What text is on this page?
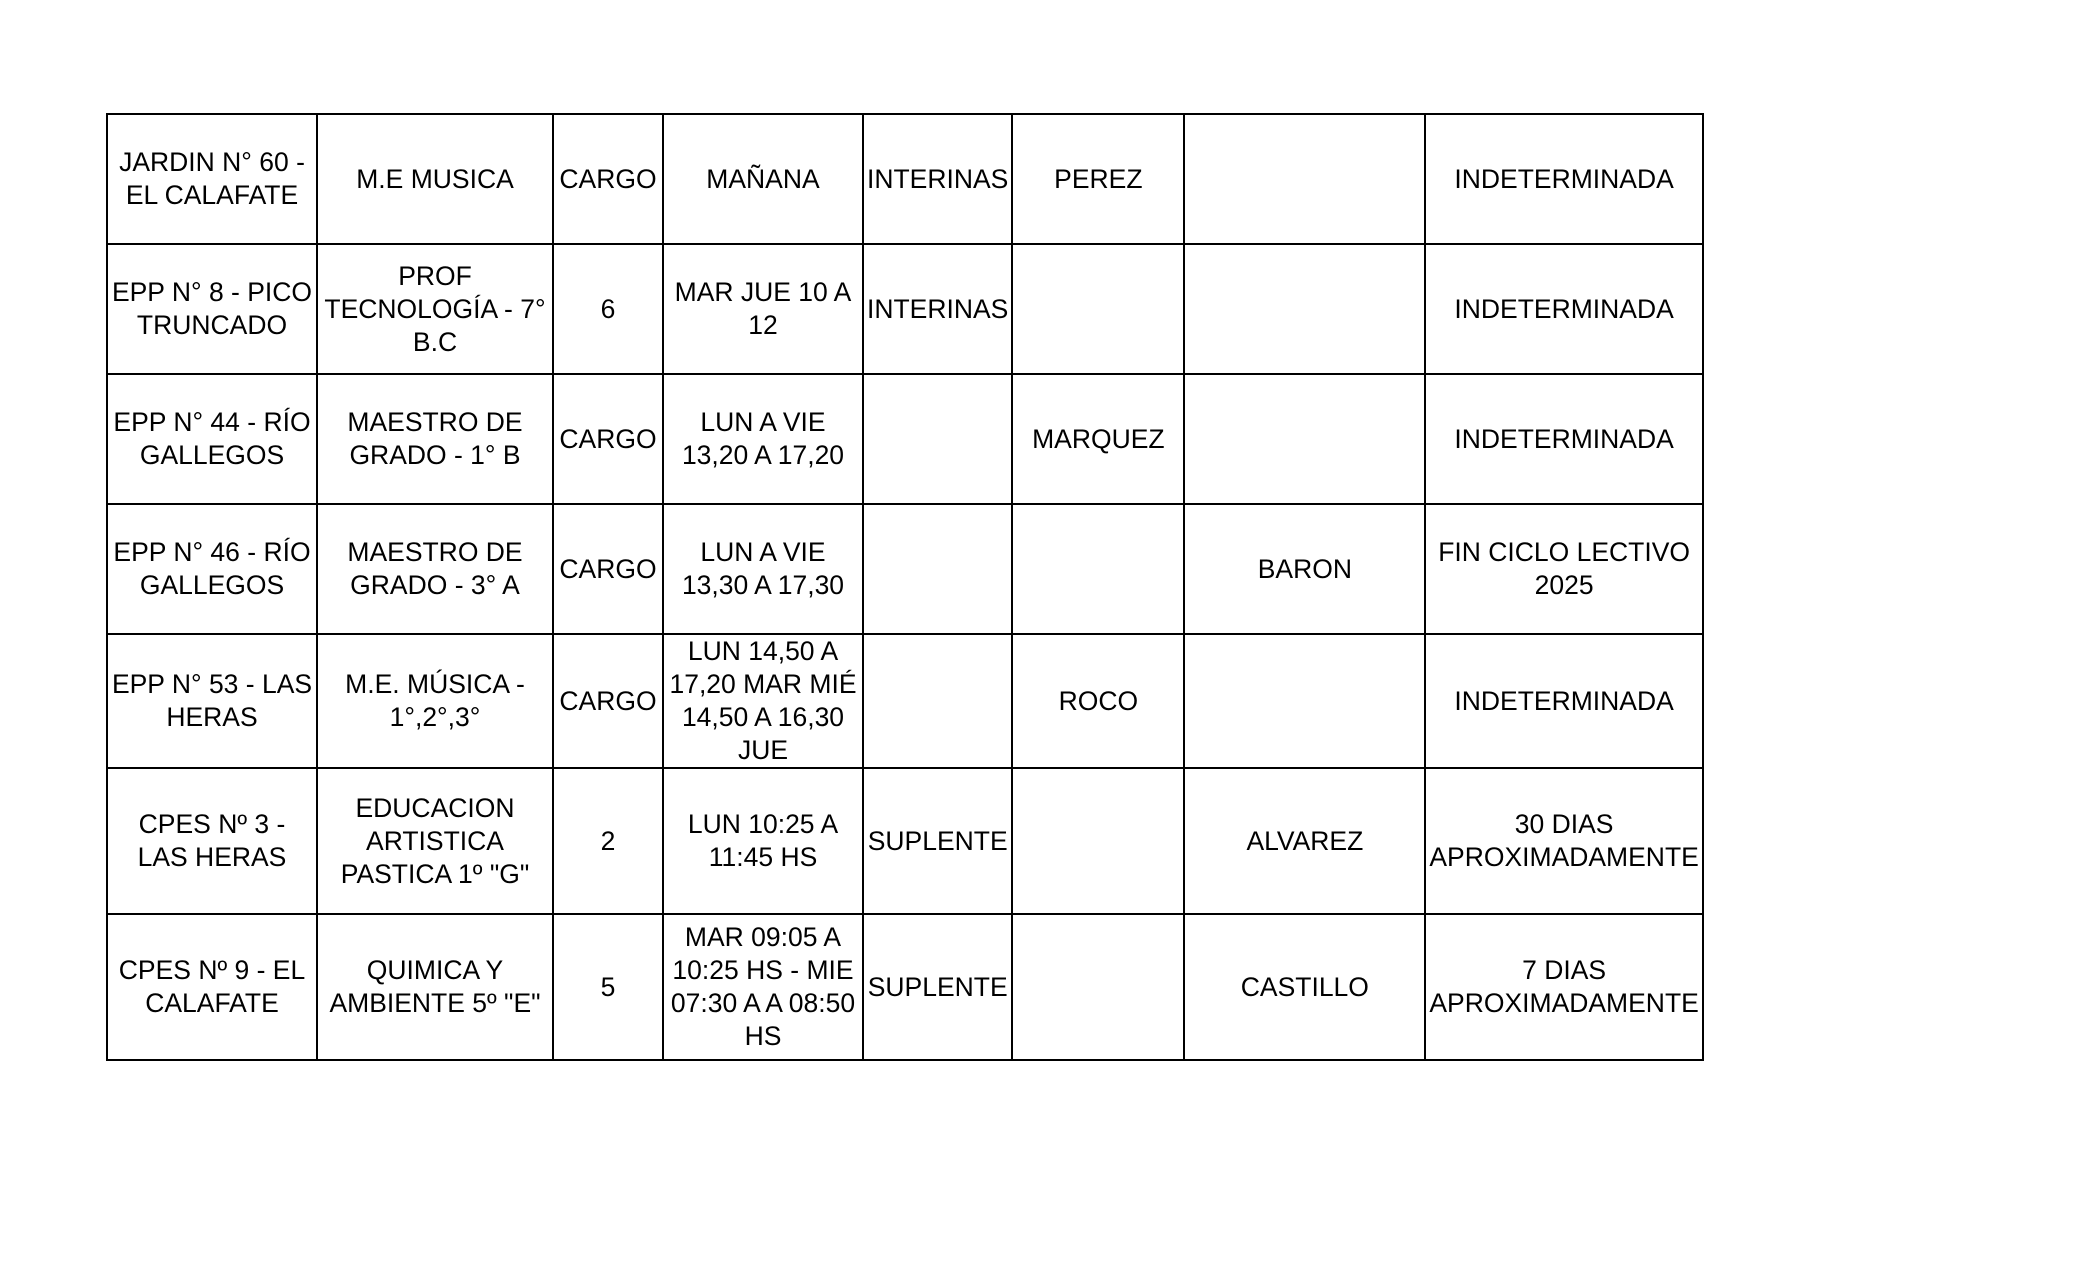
JARDIN N° 60 - EL CALAFATE	M.E MUSICA	CARGO	MAÑANA	INTERINAS	PEREZ		INDETERMINADA
EPP N° 8 - PICO TRUNCADO	PROF TECNOLOGÍA - 7° B.C	6	MAR JUE 10 A 12	INTERINAS			INDETERMINADA
EPP N° 44 - RÍO GALLEGOS	MAESTRO DE GRADO - 1° B	CARGO	LUN A VIE 13,20 A 17,20		MARQUEZ		INDETERMINADA
EPP N° 46 - RÍO GALLEGOS	MAESTRO DE GRADO - 3° A	CARGO	LUN A VIE 13,30 A 17,30			BARON	FIN CICLO LECTIVO 2025
EPP N° 53 - LAS HERAS	M.E. MÚSICA - 1°,2°,3°	CARGO	LUN 14,50 A 17,20 MAR MIÉ 14,50 A 16,30 JUE		ROCO		INDETERMINADA
CPES Nº 3 - LAS HERAS	EDUCACION ARTISTICA PASTICA 1º "G"	2	LUN 10:25 A 11:45 HS	SUPLENTE		ALVAREZ	30 DIAS APROXIMADAMENTE
CPES Nº 9 - EL CALAFATE	QUIMICA Y AMBIENTE 5º "E"	5	MAR 09:05 A 10:25 HS - MIE 07:30 A A 08:50 HS	SUPLENTE		CASTILLO	7 DIAS APROXIMADAMENTE
